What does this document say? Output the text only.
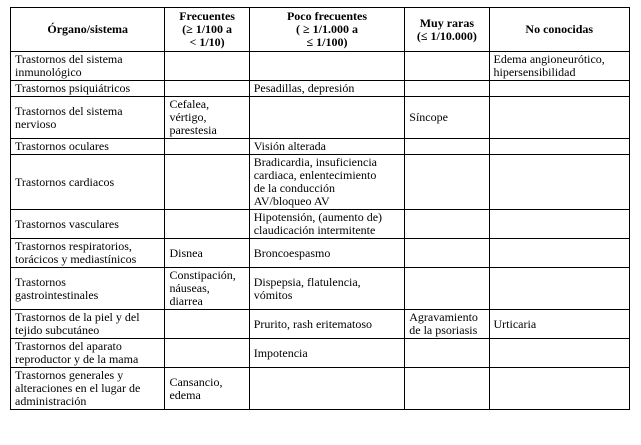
Órgano/sistema	Frecuentes
(≥ 1/100 a
< 1/10)	Poco frecuentes
( ≥ 1/1.000 a
≤ 1/100)	Muy raras
(≤ 1/10.000)	No conocidas

Trastornos del sistema
inmunológico				Edema angioneurótico,
hipersensibilidad

Trastornos psiquiátricos		Pesadillas, depresión		

Trastornos del sistema
nervioso	Cefalea,
vértigo,
parestesia		Síncope	

Trastornos oculares		Visión alterada		

Trastornos cardiacos		Bradicardia, insuficiencia
cardiaca, enlentecimiento
de la conducción
AV/bloqueo AV		

Trastornos vasculares		Hipotensión, (aumento de)
claudicación intermitente		

Trastornos respiratorios,
torácicos y mediastínicos	Disnea	Broncoespasmo		

Trastornos
gastrointestinales	Constipación,
náuseas,
diarrea	Dispepsia, flatulencia,
vómitos		

Trastornos de la piel y del
tejido subcutáneo		Prurito, rash eritematoso	Agravamiento
de la psoriasis	Urticaria

Trastornos del aparato
reproductor y de la mama		Impotencia		

Trastornos generales y
alteraciones en el lugar de
administración	Cansancio,
edema			
